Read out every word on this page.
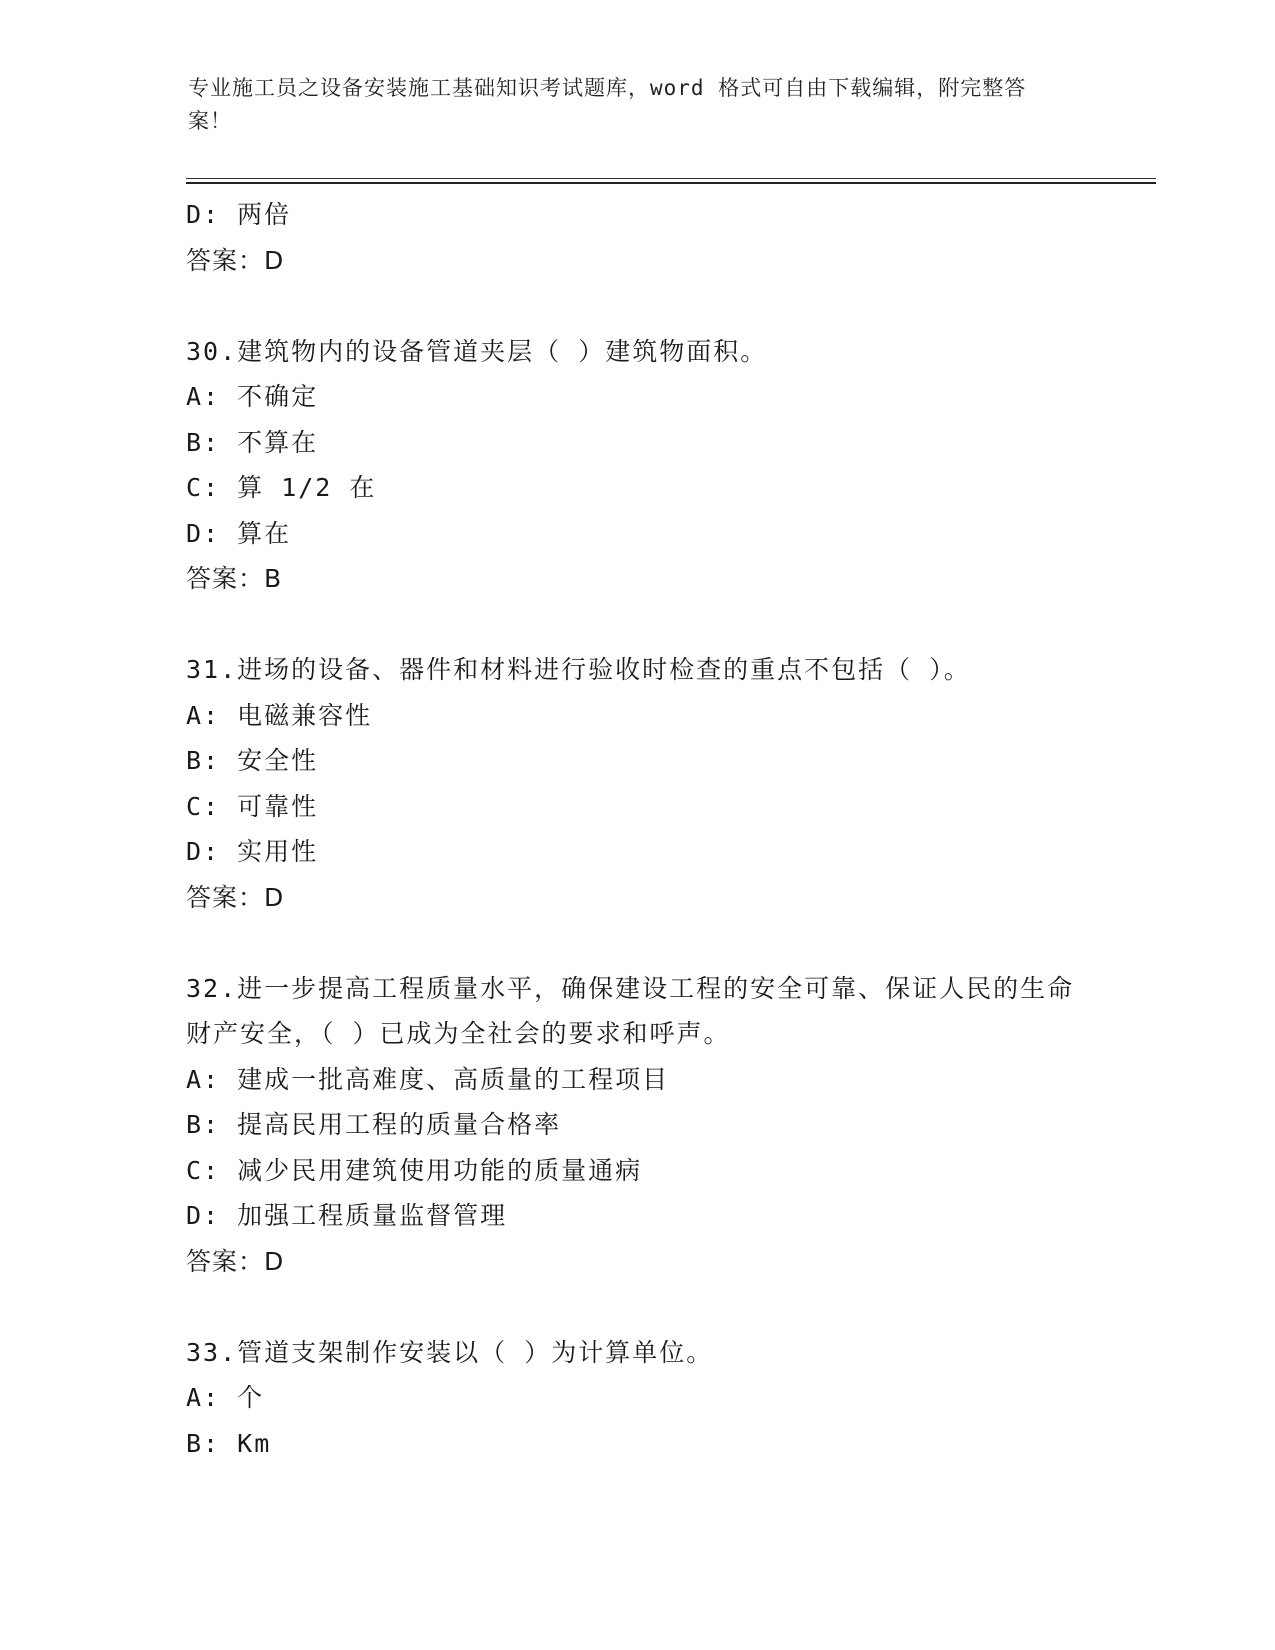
专业施工员之设备安装施工基础知识考试题库，word 格式可自由下载编辑，附完整答案！
D: 两倍
答案：D
30.建筑物内的设备管道夹层（ ）建筑物面积。
A: 不确定
B: 不算在
C: 算 1/2 在
D: 算在
答案：B
31.进场的设备、器件和材料进行验收时检查的重点不包括（ ）。
A: 电磁兼容性
B: 安全性
C: 可靠性
D: 实用性
答案：D
32.进一步提高工程质量水平，确保建设工程的安全可靠、保证人民的生命财产安全，（ ）已成为全社会的要求和呼声。
A: 建成一批高难度、高质量的工程项目
B: 提高民用工程的质量合格率
C: 减少民用建筑使用功能的质量通病
D: 加强工程质量监督管理
答案：D
33.管道支架制作安装以（ ）为计算单位。
A: 个
B: Km
